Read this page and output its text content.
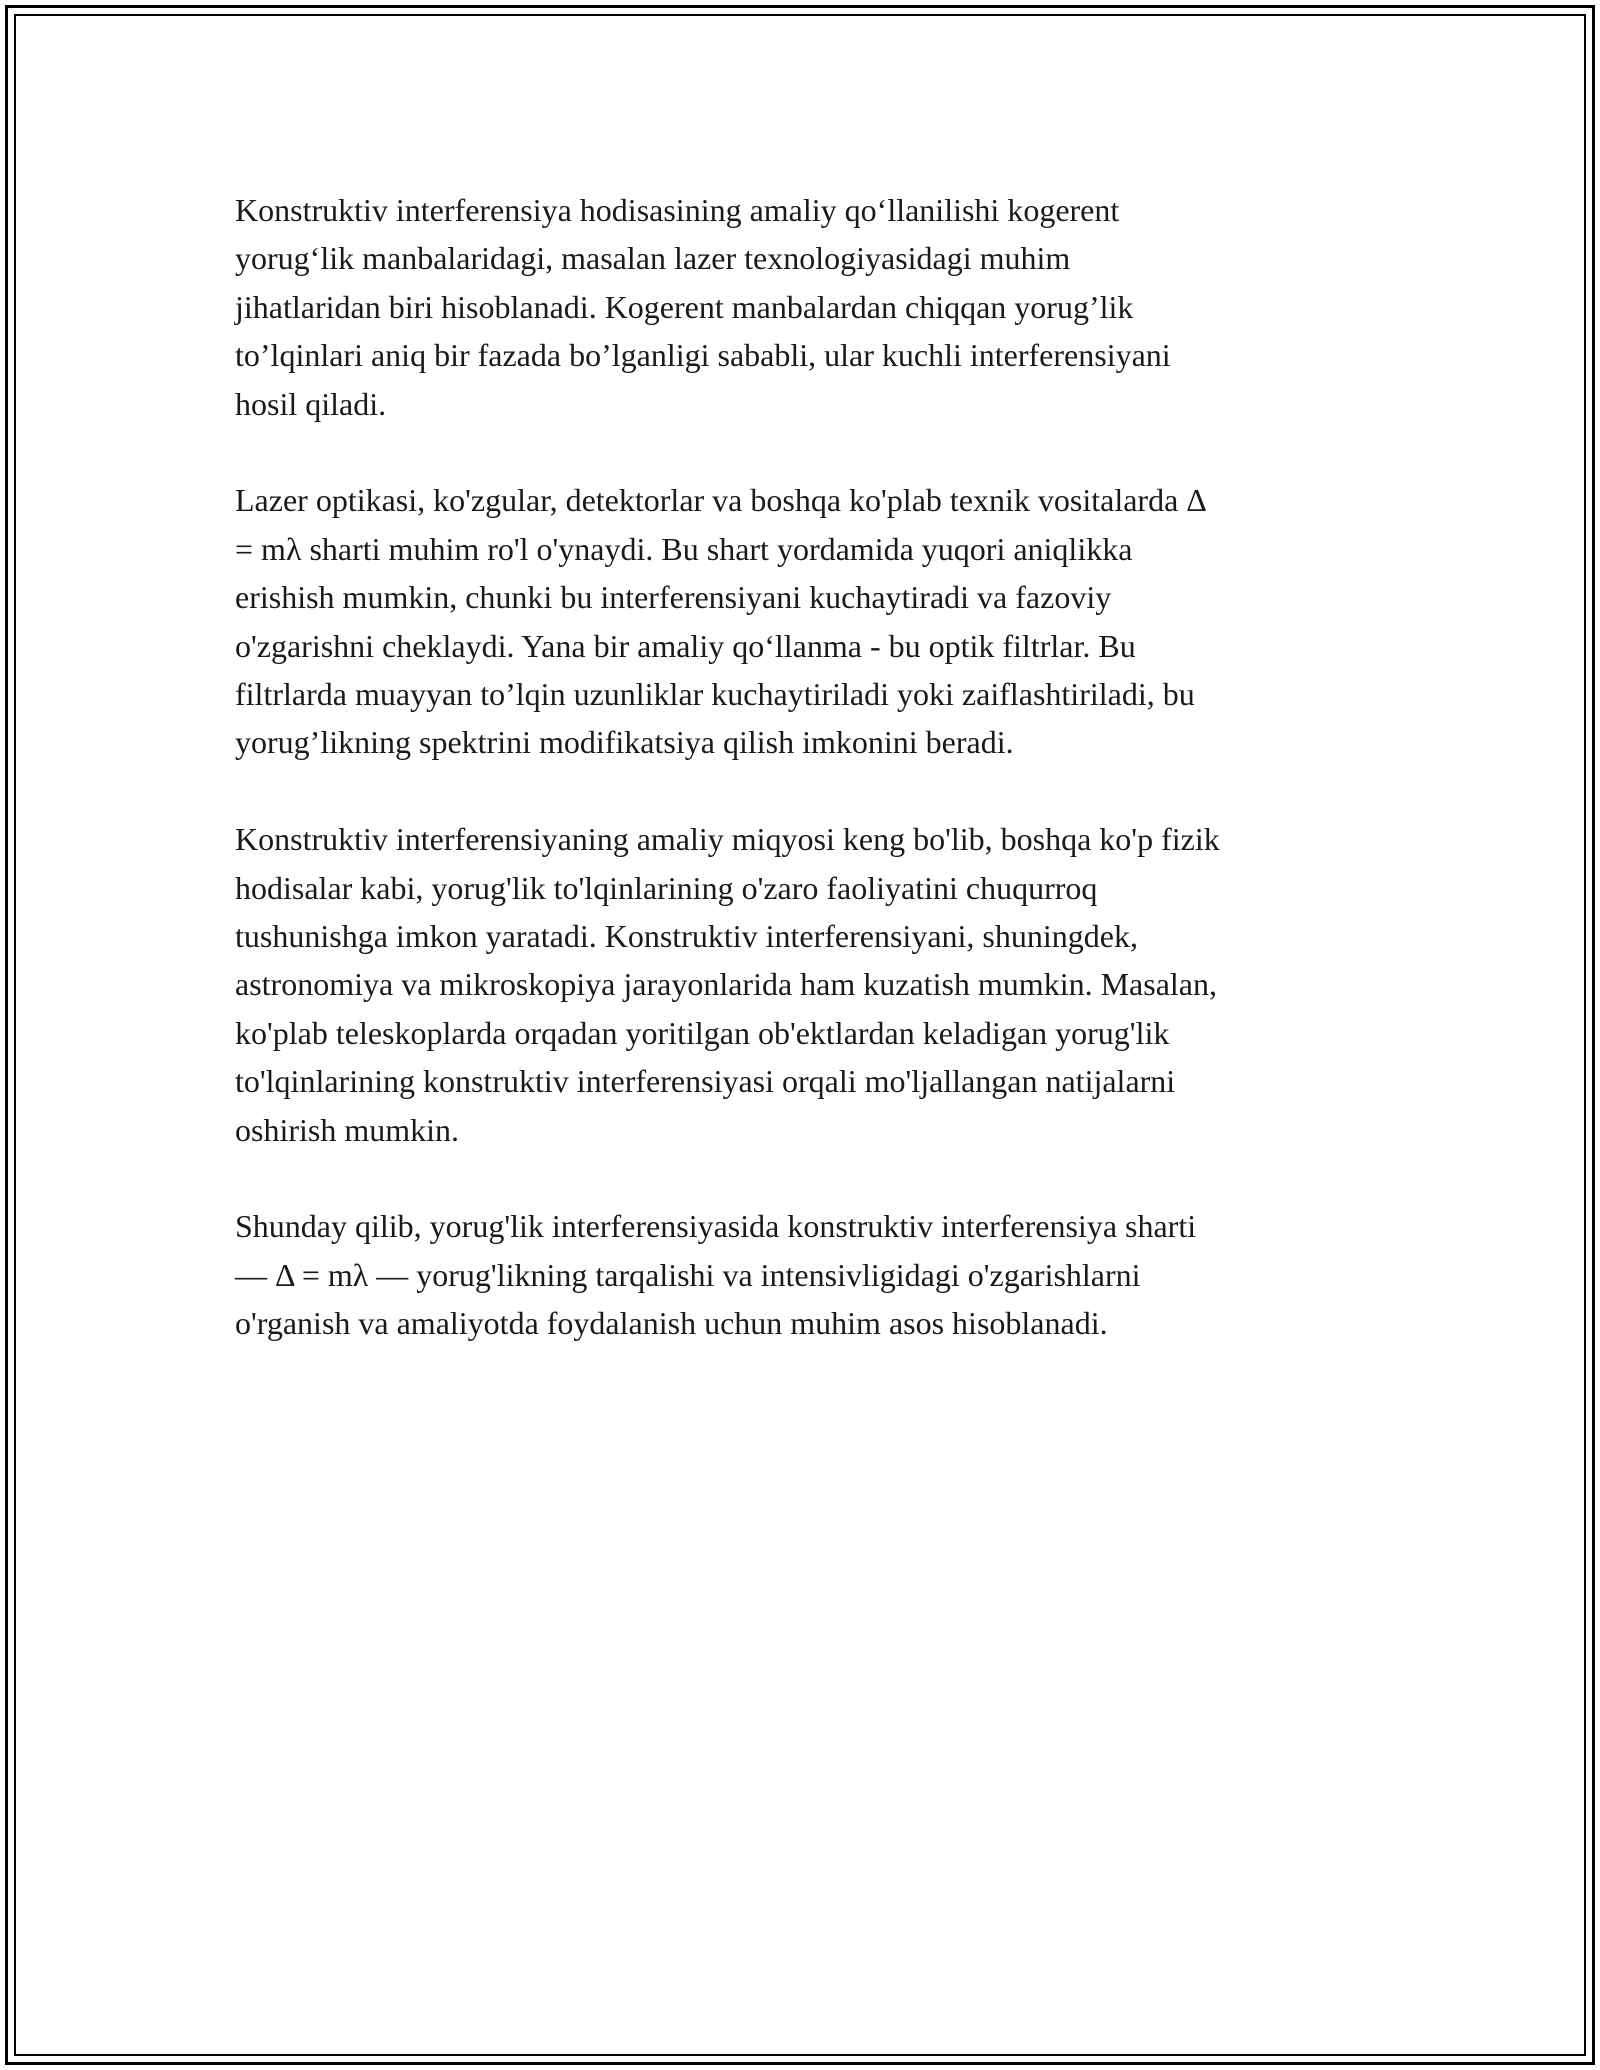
Konstruktiv interferensiya hodisasining amaliy qo‘llanilishi kogerent
yorug‘lik manbalaridagi, masalan lazer texnologiyasidagi muhim
jihatlaridan biri hisoblanadi. Kogerent manbalardan chiqqan yorug’lik
to’lqinlari aniq bir fazada bo’lganligi sababli, ular kuchli interferensiyani
hosil qiladi.

Lazer optikasi, ko'zgular, detektorlar va boshqa ko'plab texnik vositalarda Δ
= mλ sharti muhim ro'l o'ynaydi. Bu shart yordamida yuqori aniqlikka
erishish mumkin, chunki bu interferensiyani kuchaytiradi va fazoviy
o'zgarishni cheklaydi. Yana bir amaliy qo‘llanma - bu optik filtrlar. Bu
filtrlarda muayyan to’lqin uzunliklar kuchaytiriladi yoki zaiflashtiriladi, bu
yorug’likning spektrini modifikatsiya qilish imkonini beradi.

Konstruktiv interferensiyaning amaliy miqyosi keng bo'lib, boshqa ko'p fizik
hodisalar kabi, yorug'lik to'lqinlarining o'zaro faoliyatini chuqurroq
tushunishga imkon yaratadi. Konstruktiv interferensiyani, shuningdek,
astronomiya va mikroskopiya jarayonlarida ham kuzatish mumkin. Masalan,
ko'plab teleskoplarda orqadan yoritilgan ob'ektlardan keladigan yorug'lik
to'lqinlarining konstruktiv interferensiyasi orqali mo'ljallangan natijalarni
oshirish mumkin.

Shunday qilib, yorug'lik interferensiyasida konstruktiv interferensiya sharti
— Δ = mλ — yorug'likning tarqalishi va intensivligidagi o'zgarishlarni
o'rganish va amaliyotda foydalanish uchun muhim asos hisoblanadi.
